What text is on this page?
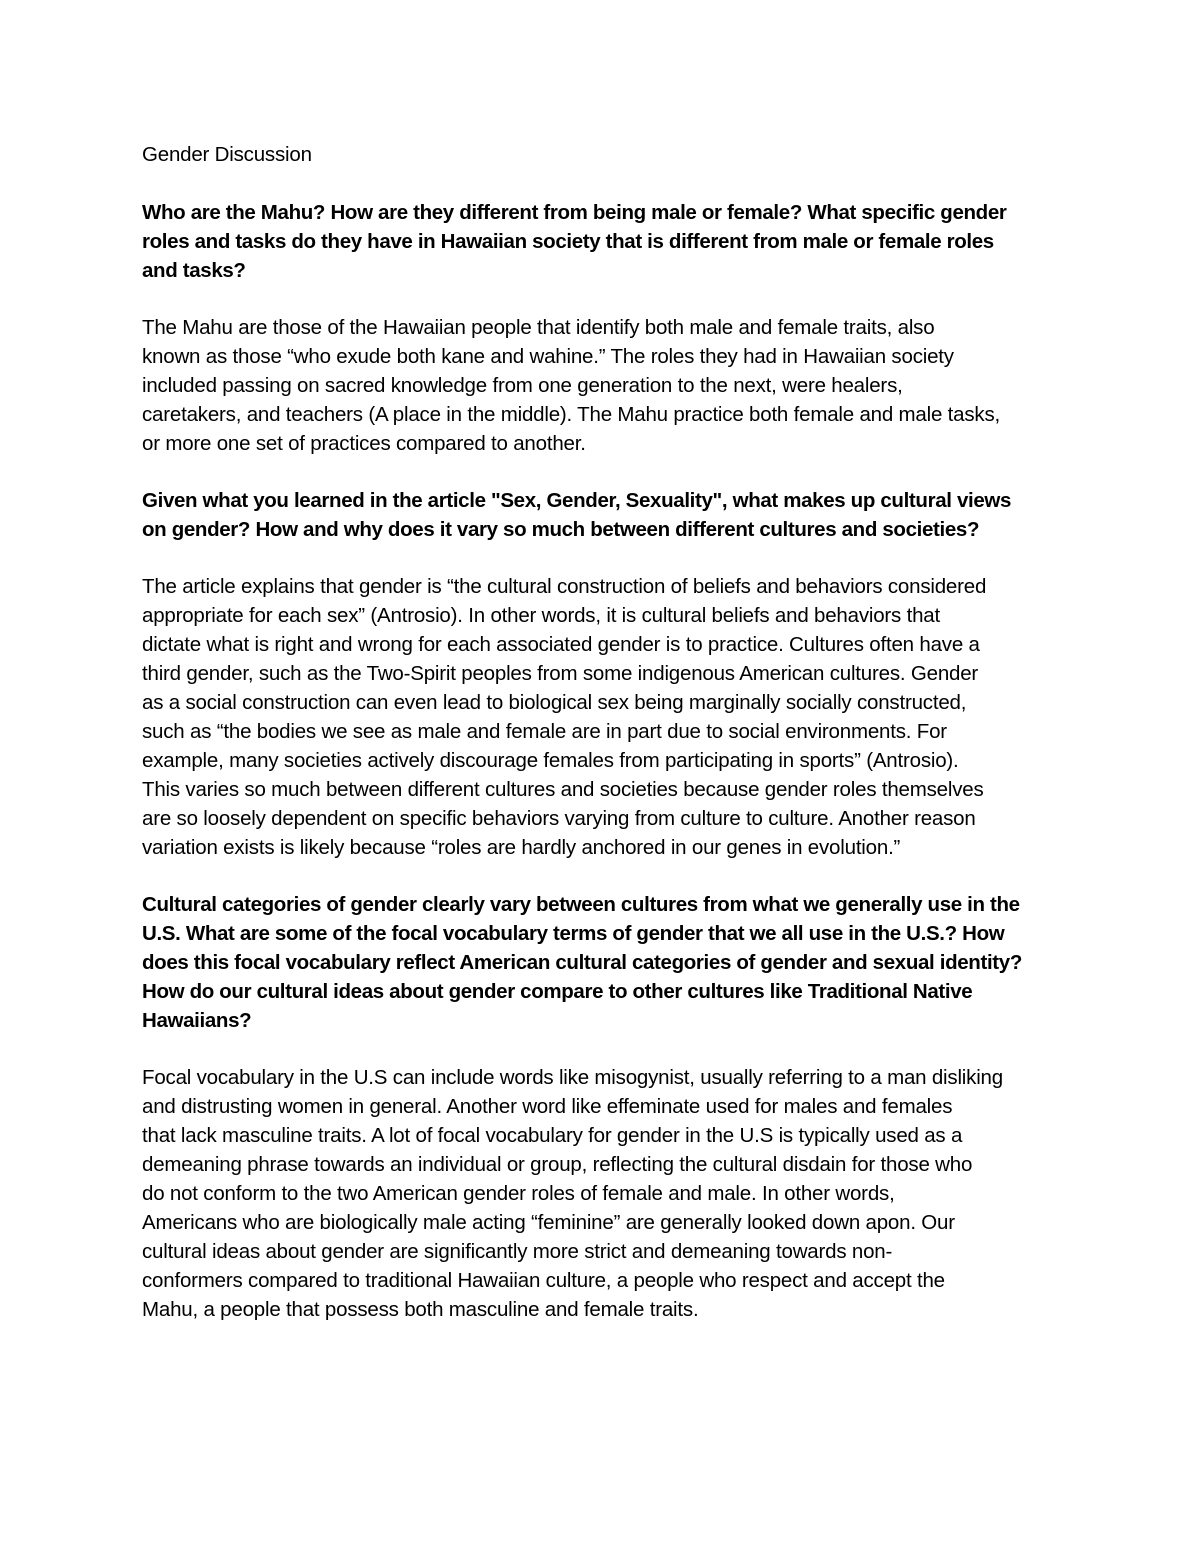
Gender Discussion
Who are the Mahu? How are they different from being male or female? What specific gender
roles and tasks do they have in Hawaiian society that is different from male or female roles
and tasks?
The Mahu are those of the Hawaiian people that identify both male and female traits, also
known as those “who exude both kane and wahine.” The roles they had in Hawaiian society
included passing on sacred knowledge from one generation to the next, were healers,
caretakers, and teachers (A place in the middle). The Mahu practice both female and male tasks,
or more one set of practices compared to another.
Given what you learned in the article "Sex, Gender, Sexuality", what makes up cultural views
on gender? How and why does it vary so much between different cultures and societies?
The article explains that gender is “the cultural construction of beliefs and behaviors considered
appropriate for each sex” (Antrosio). In other words, it is cultural beliefs and behaviors that
dictate what is right and wrong for each associated gender is to practice. Cultures often have a
third gender, such as the Two-Spirit peoples from some indigenous American cultures. Gender
as a social construction can even lead to biological sex being marginally socially constructed,
such as “the bodies we see as male and female are in part due to social environments. For
example, many societies actively discourage females from participating in sports” (Antrosio).
This varies so much between different cultures and societies because gender roles themselves
are so loosely dependent on specific behaviors varying from culture to culture. Another reason
variation exists is likely because “roles are hardly anchored in our genes in evolution.”
Cultural categories of gender clearly vary between cultures from what we generally use in the
U.S. What are some of the focal vocabulary terms of gender that we all use in the U.S.? How
does this focal vocabulary reflect American cultural categories of gender and sexual identity?
How do our cultural ideas about gender compare to other cultures like Traditional Native
Hawaiians?
Focal vocabulary in the U.S can include words like misogynist, usually referring to a man disliking
and distrusting women in general. Another word like effeminate used for males and females
that lack masculine traits. A lot of focal vocabulary for gender in the U.S is typically used as a
demeaning phrase towards an individual or group, reflecting the cultural disdain for those who
do not conform to the two American gender roles of female and male. In other words,
Americans who are biologically male acting “feminine” are generally looked down apon. Our
cultural ideas about gender are significantly more strict and demeaning towards non-
conformers compared to traditional Hawaiian culture, a people who respect and accept the
Mahu, a people that possess both masculine and female traits.
